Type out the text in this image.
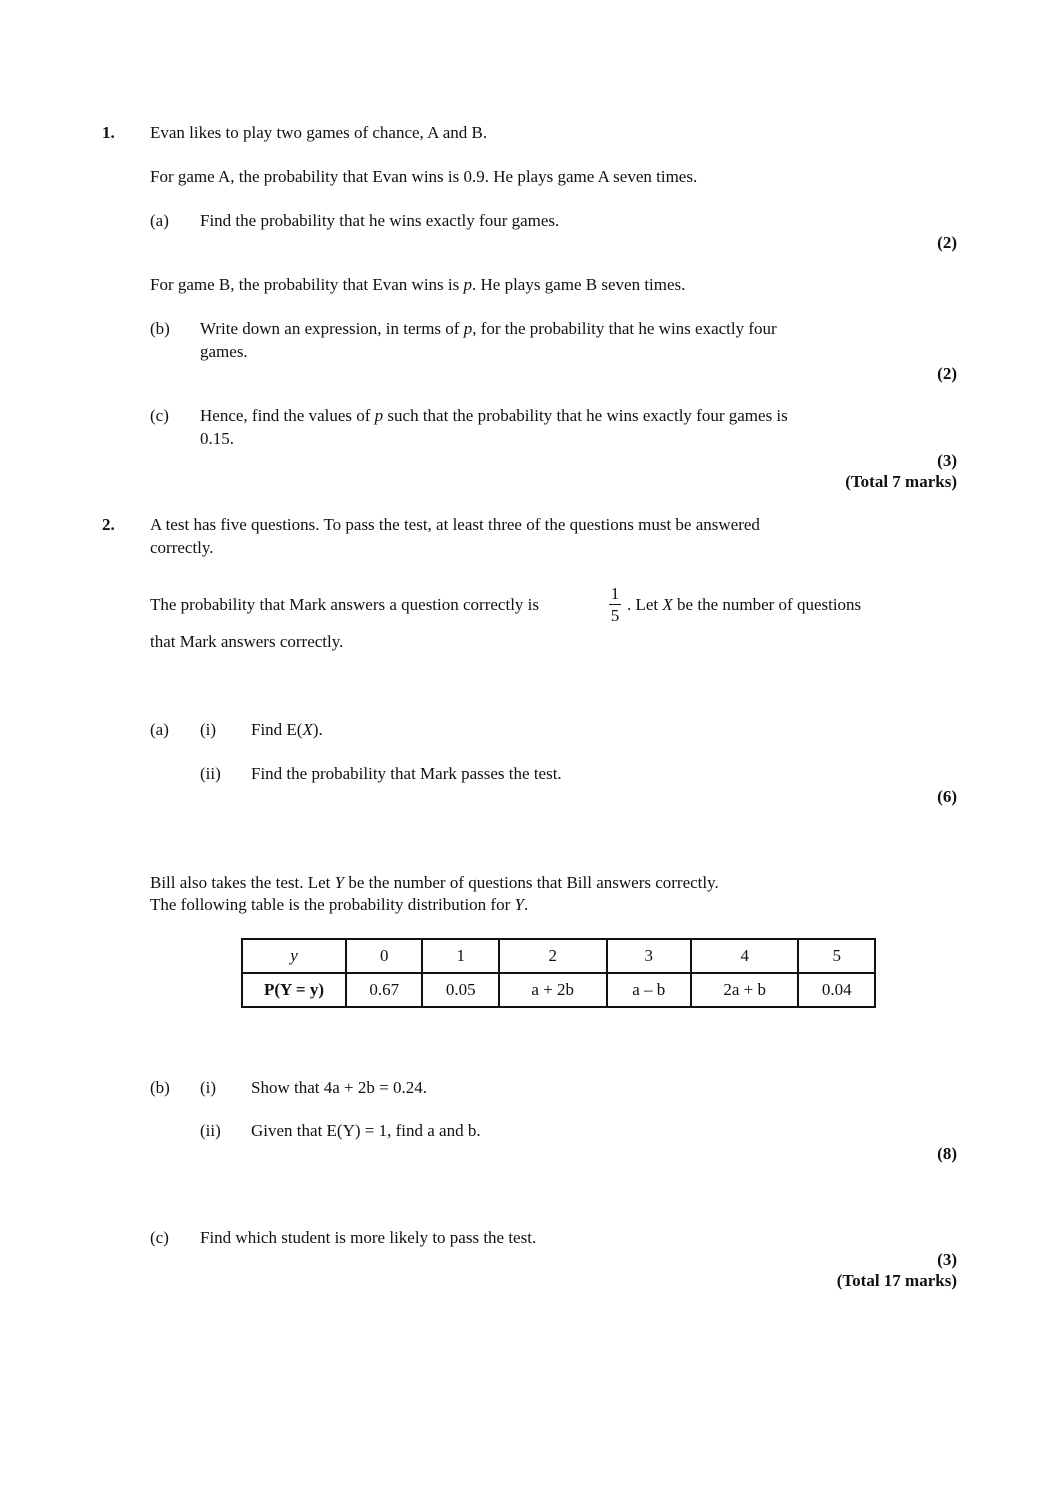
1. Evan likes to play two games of chance, A and B.
For game A, the probability that Evan wins is 0.9. He plays game A seven times.
(a) Find the probability that he wins exactly four games.
(2)
For game B, the probability that Evan wins is p. He plays game B seven times.
(b) Write down an expression, in terms of p, for the probability that he wins exactly four
games.
(2)
(c) Hence, find the values of p such that the probability that he wins exactly four games is
0.15.
(3)
(Total 7 marks)
2. A test has five questions. To pass the test, at least three of the questions must be answered
correctly.
The probability that Mark answers a question correctly is
1
5
. Let X be the number of questions
that Mark answers correctly.
(a) (i) Find E(X).
(ii) Find the probability that Mark passes the test.
(6)
Bill also takes the test. Let Y be the number of questions that Bill answers correctly.
The following table is the probability distribution for Y.
y	0	1	2	3	4	5
P(Y = y)	0.67	0.05	a + 2b	a – b	2a + b	0.04
(b) (i) Show that 4a + 2b = 0.24.
(ii) Given that E(Y) = 1, find a and b.
(8)
(c) Find which student is more likely to pass the test.
(3)
(Total 17 marks)
